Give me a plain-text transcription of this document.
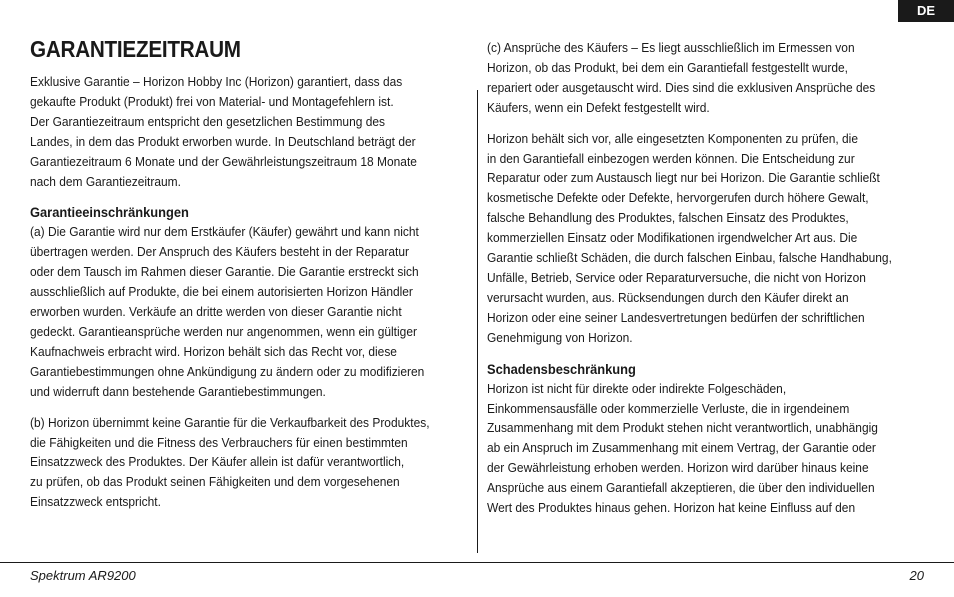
DE
GARANTIEZEITRAUM
Exklusive Garantie – Horizon Hobby Inc (Horizon) garantiert, dass das
gekaufte Produkt (Produkt) frei von Material- und Montagefehlern ist.
Der Garantiezeitraum entspricht den gesetzlichen Bestimmung des
Landes, in dem das Produkt erworben wurde. In Deutschland beträgt der
Garantiezeitraum 6 Monate und der Gewährleistungszeitraum 18 Monate
nach dem Garantiezeitraum.
Garantieeinschränkungen
(a) Die Garantie wird nur dem Erstkäufer (Käufer) gewährt und kann nicht
übertragen werden. Der Anspruch des Käufers besteht in der Reparatur
oder dem Tausch im Rahmen dieser Garantie. Die Garantie erstreckt sich
ausschließlich auf Produkte, die bei einem autorisierten Horizon Händler
erworben wurden. Verkäufe an dritte werden von dieser Garantie nicht
gedeckt. Garantieansprüche werden nur angenommen, wenn ein gültiger
Kaufnachweis erbracht wird. Horizon behält sich das Recht vor, diese
Garantiebestimmungen ohne Ankündigung zu ändern oder zu modifizieren
und widerruft dann bestehende Garantiebestimmungen.
(b) Horizon übernimmt keine Garantie für die Verkaufbarkeit des Produktes,
die Fähigkeiten und die Fitness des Verbrauchers für einen bestimmten
Einsatzzweck des Produktes. Der Käufer allein ist dafür verantwortlich,
zu prüfen, ob das Produkt seinen Fähigkeiten und dem vorgesehenen
Einsatzzweck entspricht.
(c) Ansprüche des Käufers – Es liegt ausschließlich im Ermessen von
Horizon, ob das Produkt, bei dem ein Garantiefall festgestellt wurde,
repariert oder ausgetauscht wird. Dies sind die exklusiven Ansprüche des
Käufers, wenn ein Defekt festgestellt wird.
Horizon behält sich vor, alle eingesetzten Komponenten zu prüfen, die
in den Garantiefall einbezogen werden können. Die Entscheidung zur
Reparatur oder zum Austausch liegt nur bei Horizon. Die Garantie schließt
kosmetische Defekte oder Defekte, hervorgerufen durch höhere Gewalt,
falsche Behandlung des Produktes, falschen Einsatz des Produktes,
kommerziellen Einsatz oder Modifikationen irgendwelcher Art aus. Die
Garantie schließt Schäden, die durch falschen Einbau, falsche Handhabung,
Unfälle, Betrieb, Service oder Reparaturversuche, die nicht von Horizon
verursacht wurden, aus. Rücksendungen durch den Käufer direkt an
Horizon oder eine seiner Landesvertretungen bedürfen der schriftlichen
Genehmigung von Horizon.
Schadensbeschränkung
Horizon ist nicht für direkte oder indirekte Folgeschäden,
Einkommensausfälle oder kommerzielle Verluste, die in irgendeinem
Zusammenhang mit dem Produkt stehen nicht verantwortlich, unabhängig
ab ein Anspruch im Zusammenhang mit einem Vertrag, der Garantie oder
der Gewährleistung erhoben werden. Horizon wird darüber hinaus keine
Ansprüche aus einem Garantiefall akzeptieren, die über den individuellen
Wert des Produktes hinaus gehen. Horizon hat keine Einfluss auf den
Spektrum AR9200	20
